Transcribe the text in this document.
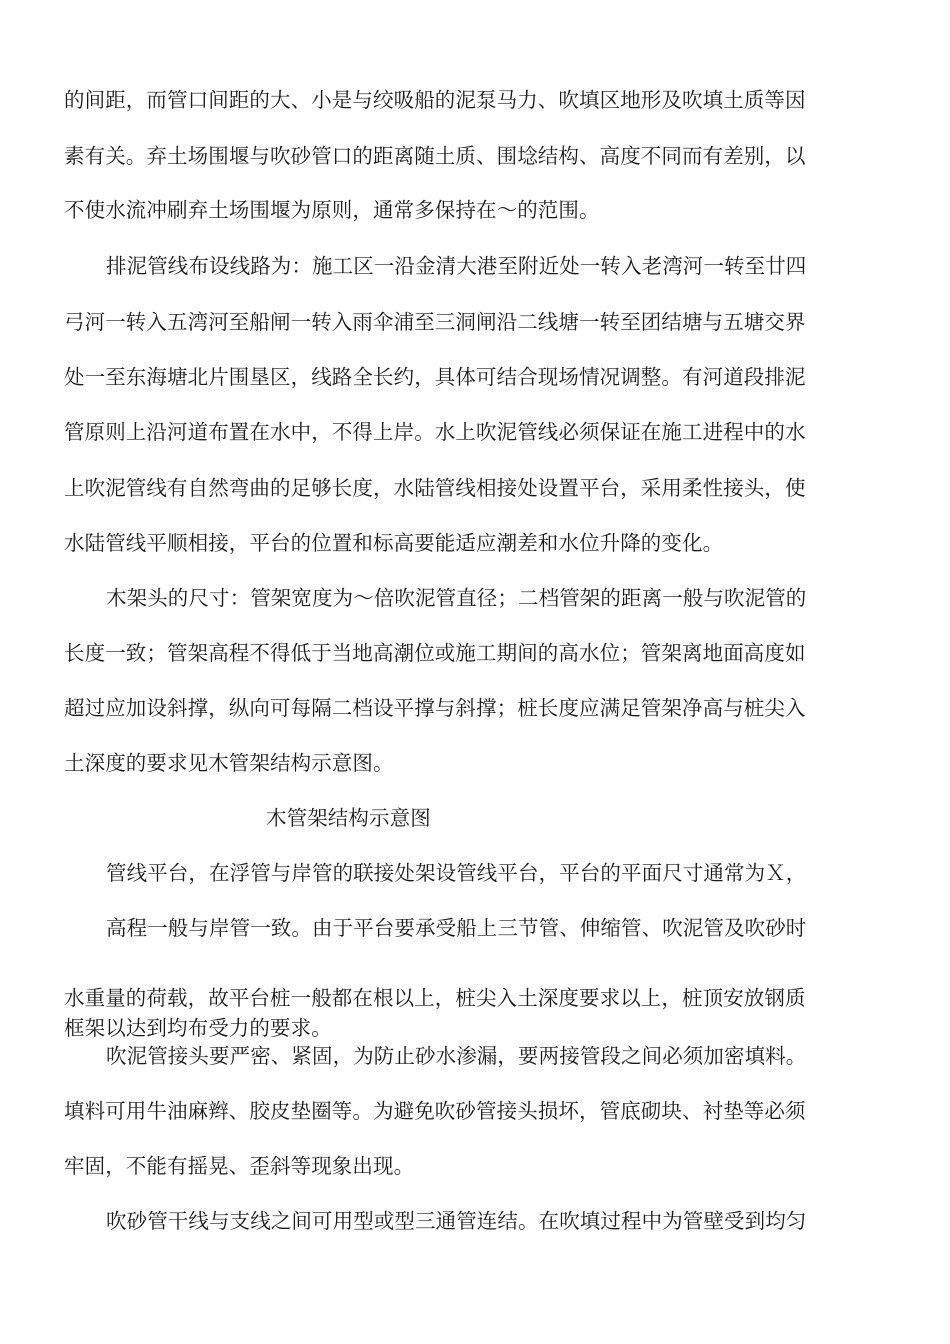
的间距，而管口间距的大、小是与绞吸船的泥泵马力、吹填区地形及吹填土质等因
素有关。弃土场围堰与吹砂管口的距离随土质、围埝结构、高度不同而有差别，以
不使水流冲刷弃土场围堰为原则，通常多保持在～的范围。
排泥管线布设线路为：施工区一沿金清大港至附近处一转入老湾河一转至廿四
弓河一转入五湾河至船闸一转入雨伞浦至三洞闸沿二线塘一转至团结塘与五塘交界
处一至东海塘北片围垦区，线路全长约，具体可结合现场情况调整。有河道段排泥
管原则上沿河道布置在水中，不得上岸。水上吹泥管线必须保证在施工进程中的水
上吹泥管线有自然弯曲的足够长度，水陆管线相接处设置平台，采用柔性接头，使
水陆管线平顺相接，平台的位置和标高要能适应潮差和水位升降的变化。
木架头的尺寸：管架宽度为～倍吹泥管直径；二档管架的距离一般与吹泥管的
长度一致；管架高程不得低于当地高潮位或施工期间的高水位；管架离地面高度如
超过应加设斜撑，纵向可每隔二档设平撑与斜撑；桩长度应满足管架净高与桩尖入
土深度的要求见木管架结构示意图。
木管架结构示意图
管线平台，在浮管与岸管的联接处架设管线平台，平台的平面尺寸通常为Ｘ，
高程一般与岸管一致。由于平台要承受船上三节管、伸缩管、吹泥管及吹砂时
水重量的荷载，故平台桩一般都在根以上，桩尖入土深度要求以上，桩顶安放钢质
框架以达到均布受力的要求。
吹泥管接头要严密、紧固，为防止砂水渗漏，要两接管段之间必须加密填料。
填料可用牛油麻辫、胶皮垫圈等。为避免吹砂管接头损坏，管底砌块、衬垫等必须
牢固，不能有摇晃、歪斜等现象出现。
吹砂管干线与支线之间可用型或型三通管连结。在吹填过程中为管壁受到均匀
